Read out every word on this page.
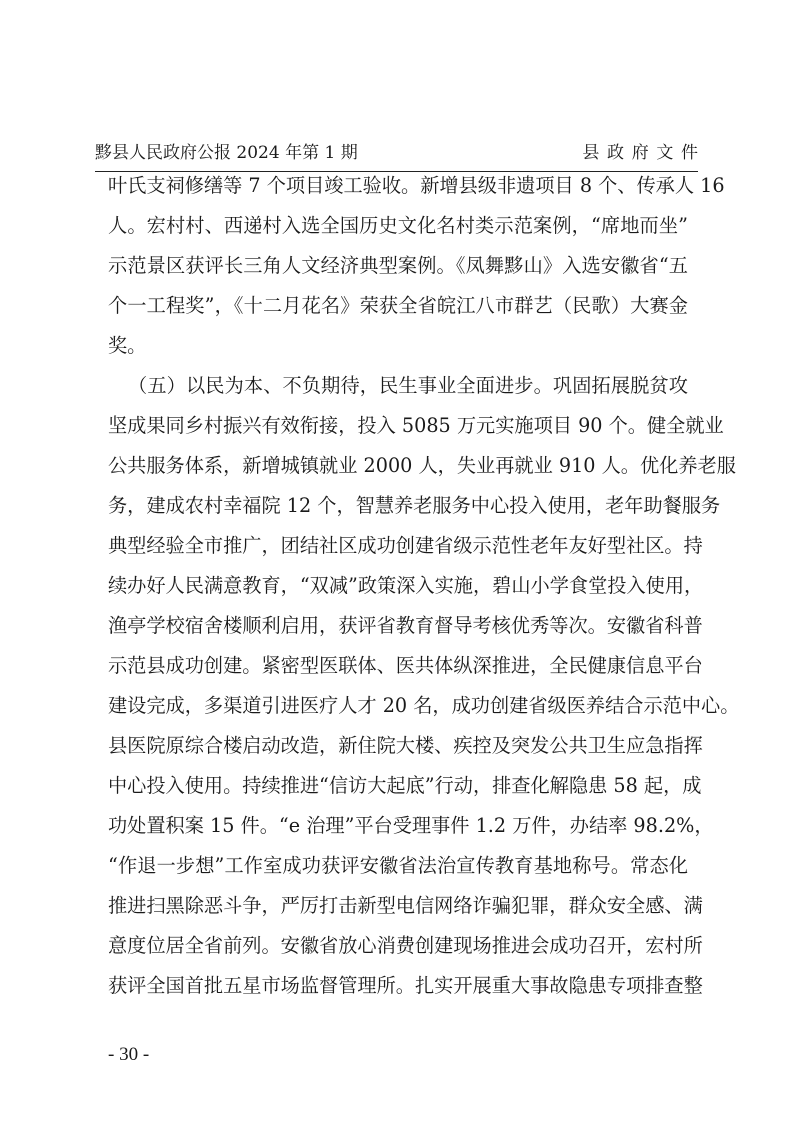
黟县人民政府公报 2024 年第 1 期	县政府文件
叶氏支祠修缮等 7 个项目竣工验收。新增县级非遗项目 8 个、传承人 16
人。宏村村、西递村入选全国历史文化名村类示范案例，“席地而坐”
示范景区获评长三角人文经济典型案例。《凤舞黟山》入选安徽省“五
个一工程奖”，《十二月花名》荣获全省皖江八市群艺（民歌）大赛金
奖。
（五）以民为本、不负期待，民生事业全面进步。巩固拓展脱贫攻
坚成果同乡村振兴有效衔接，投入 5085 万元实施项目 90 个。健全就业
公共服务体系，新增城镇就业 2000 人，失业再就业 910 人。优化养老服
务，建成农村幸福院 12 个，智慧养老服务中心投入使用，老年助餐服务
典型经验全市推广，团结社区成功创建省级示范性老年友好型社区。持
续办好人民满意教育，“双减”政策深入实施，碧山小学食堂投入使用，
渔亭学校宿舍楼顺利启用，获评省教育督导考核优秀等次。安徽省科普
示范县成功创建。紧密型医联体、医共体纵深推进，全民健康信息平台
建设完成，多渠道引进医疗人才 20 名，成功创建省级医养结合示范中心。
县医院原综合楼启动改造，新住院大楼、疾控及突发公共卫生应急指挥
中心投入使用。持续推进“信访大起底”行动，排查化解隐患 58 起，成
功处置积案 15 件。“e 治理”平台受理事件 1.2 万件，办结率 98.2%，
“作退一步想”工作室成功获评安徽省法治宣传教育基地称号。常态化
推进扫黑除恶斗争，严厉打击新型电信网络诈骗犯罪，群众安全感、满
意度位居全省前列。安徽省放心消费创建现场推进会成功召开，宏村所
获评全国首批五星市场监督管理所。扎实开展重大事故隐患专项排查整
- 30 -
